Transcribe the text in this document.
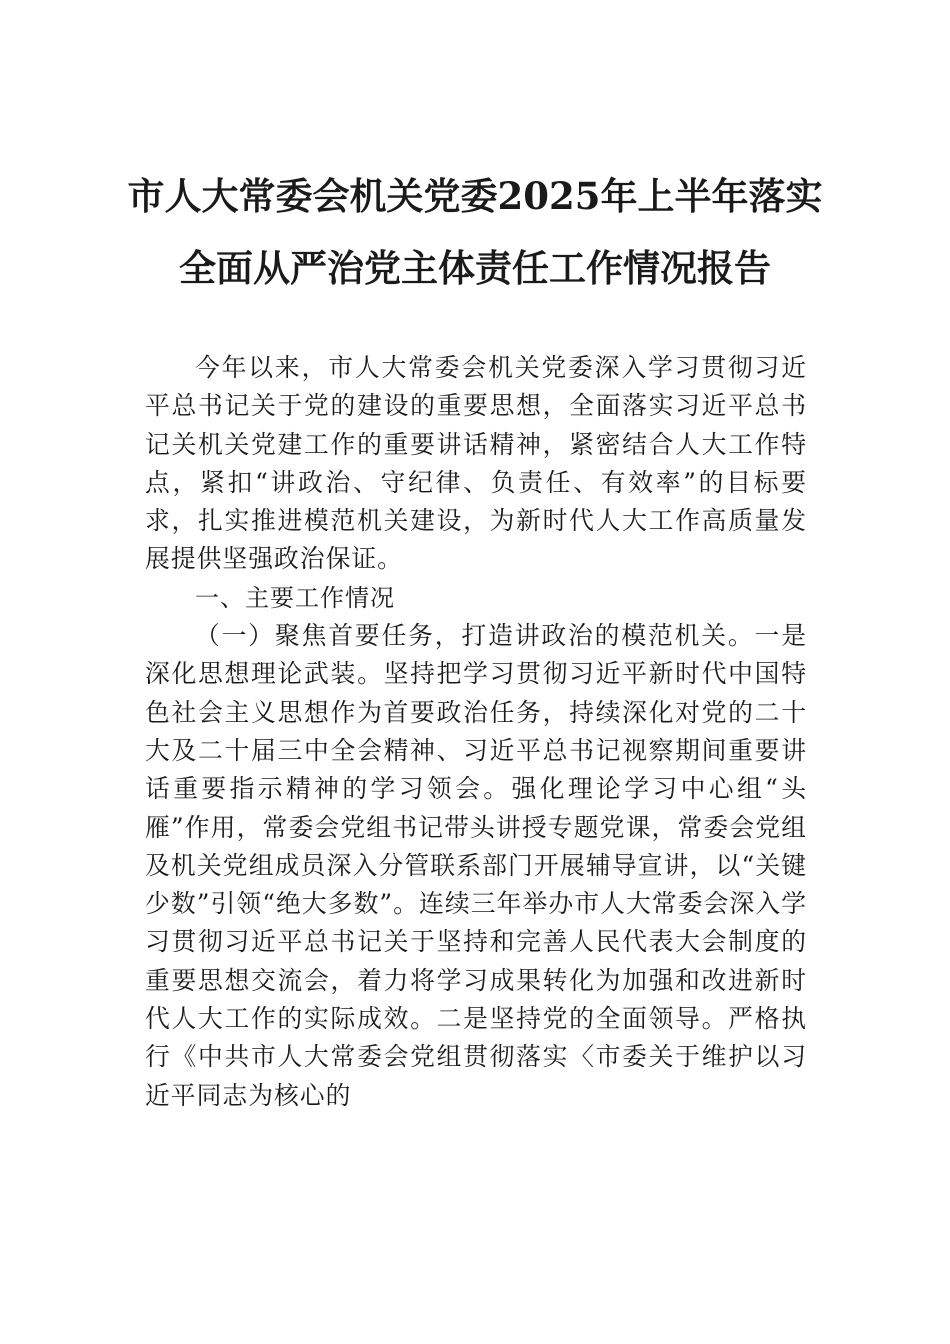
市人大常委会机关党委2025年上半年落实
全面从严治党主体责任工作情况报告

今年以来，市人大常委会机关党委深入学习贯彻习近平总书记关于党的建设的重要思想，全面落实习近平总书记关机关党建工作的重要讲话精神，紧密结合人大工作特点，紧扣“讲政治、守纪律、负责任、有效率”的目标要求，扎实推进模范机关建设，为新时代人大工作高质量发展提供坚强政治保证。

一、主要工作情况

（一）聚焦首要任务，打造讲政治的模范机关。一是深化思想理论武装。坚持把学习贯彻习近平新时代中国特色社会主义思想作为首要政治任务，持续深化对党的二十大及二十届三中全会精神、习近平总书记视察期间重要讲话重要指示精神的学习领会。强化理论学习中心组“头雁”作用，常委会党组书记带头讲授专题党课，常委会党组及机关党组成员深入分管联系部门开展辅导宣讲，以“关键少数”引领“绝大多数”。连续三年举办市人大常委会深入学习贯彻习近平总书记关于坚持和完善人民代表大会制度的重要思想交流会，着力将学习成果转化为加强和改进新时代人大工作的实际成效。二是坚持党的全面领导。严格执行《中共市人大常委会党组贯彻落实〈市委关于维护以习近平同志为核心的
